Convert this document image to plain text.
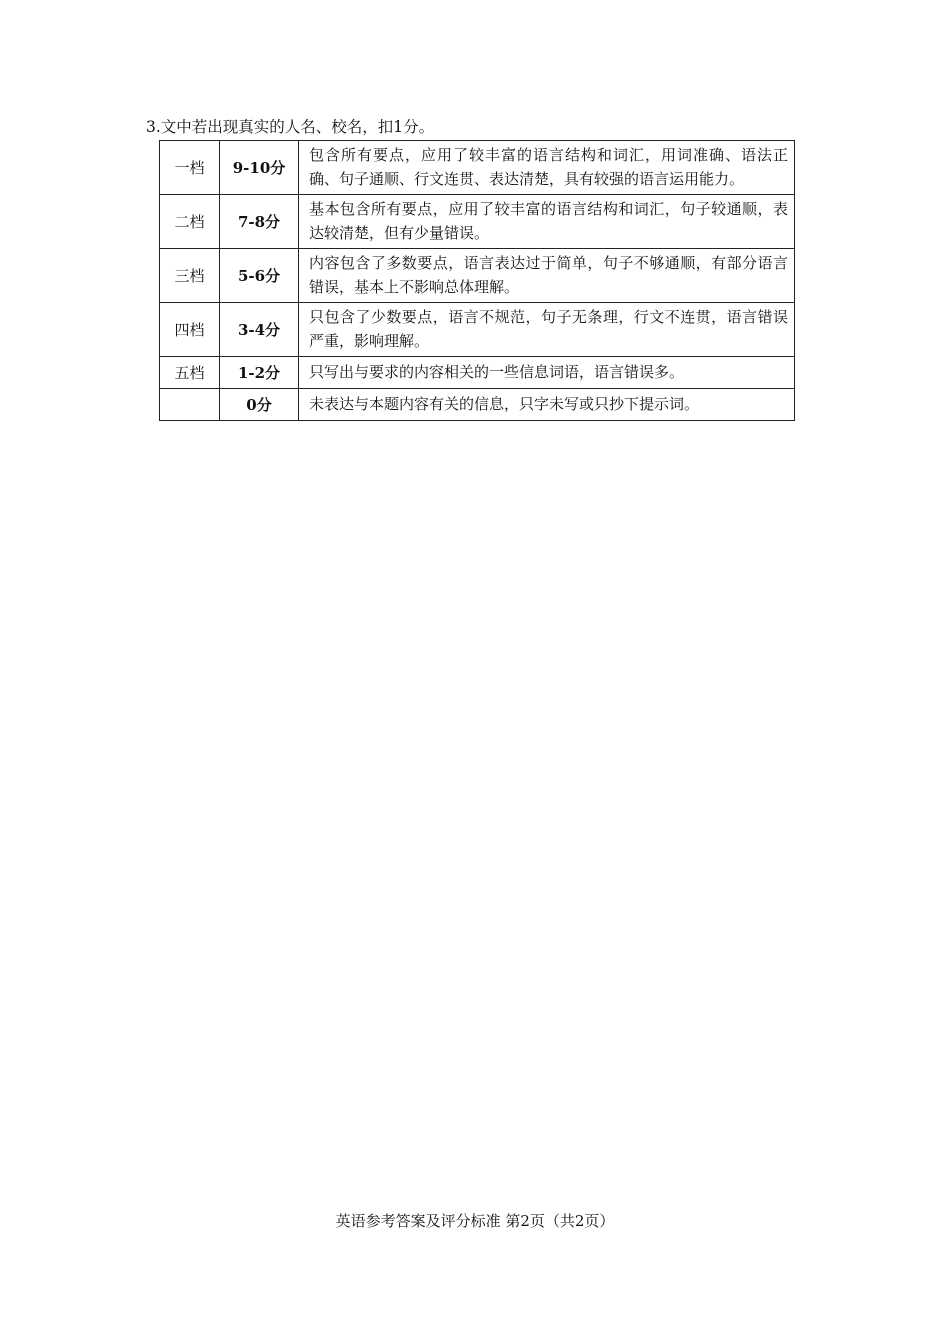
3.文中若出现真实的人名、校名，扣1分。
一档	9-10分	包含所有要点，应用了较丰富的语言结构和词汇，用词准确、语法正确、句子通顺、行文连贯、表达清楚，具有较强的语言运用能力。

二档	7-8分	基本包含所有要点，应用了较丰富的语言结构和词汇，句子较通顺，表达较清楚，但有少量错误。

三档	5-6分	内容包含了多数要点，语言表达过于简单，句子不够通顺，有部分语言错误，基本上不影响总体理解。

四档	3-4分	只包含了少数要点，语言不规范，句子无条理，行文不连贯，语言错误严重，影响理解。

五档	1-2分	只写出与要求的内容相关的一些信息词语，语言错误多。

	0分	未表达与本题内容有关的信息，只字未写或只抄下提示词。
英语参考答案及评分标准 第2页（共2页）
